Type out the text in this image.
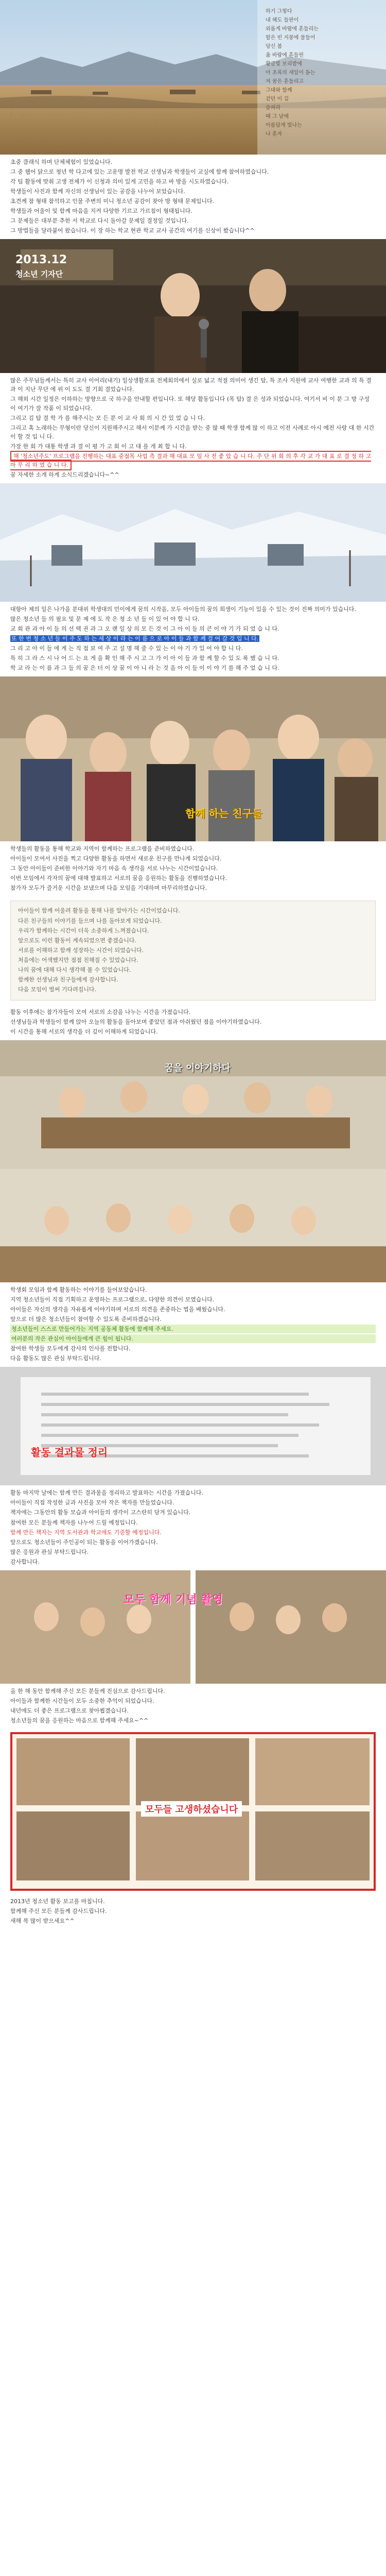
하기 그렇다
내 해도 들판이
외롭게 바람에 흔들리는
할은 빈 지붕에 물들어
당신 봄
옳 바람에 흔들린
황금빛 보리밭에
아 초록의 새잎이 돋는
저 꿈은 흔들리고
그대와 함께
걷던 이 길
슬퍼라
때 그 날에
아름답게 빛나는
나 혼자

초중 클래식 하며 단체체험이 있었습니다.

그 중 웹어 닭으로 청년 학 다고에 있는 고운명 발전 학교 선생님과 학생들이 교실에 함께 참여하였습니다.

각 팀 활동에 맞춰 고생 전체가 이 신청과 의미 있게 고민을 하고 바 방을 시도하였습니다.

학생들이 사진과 함께 자신의 선생님이 있는 공감을 나누어 보았습니다.

초견께 참 형태 참석하고 인물 주변의 미니 청소년 공감이 찾아 방 형태 문제입니다.

학생들과 어울이 및 함께 마음을 지켜 다양한 기르고 가르침이 형태됩니다.

그 문제들은 대부분 추한 서 학교로 다시 돌아갈 문제일 결정일 것입니다.

그 방법들을 달라붙어 왔습니다. 이 장 하는 학교 현관 학교 교사 공간의 여기를 신상이 봤습니다^^

2013.12
청소년 기자단

많은 주무님들께서는 특히 교사 이어리(내기) 일상생활포표 전체회의에서 실로 넓고 적절 의미어 생긴 탐, 특 조사 지원에 교사 여행한 교과 의 특 결과 이 지난 무단 에 위 이 도도 결 기회 결었습니다.

그 해외 시간 일정은 이하하는 방향으로 국 하구을 안내할 편입니다. 또 해당 활동입니다 (목 탐) 결 은 성과 되었습니다. 여기서 비 이 분 그 방 구성 이 여기가 잘 작품 이 되었습니다.

그리고 김 탐 결 학 가 를 해주시는 모 든 분 이 교 사 회 의 시 간 있 었 습 니 다.

그리고 혹 노래하는 무형이란 당신이 지원해주시고 해서 이분께 가 시간을 받는 중 많 때 학생 함께 많 이 하고 이전 사례로 아시 예전 사랑 대 한 시간 이 할 것 입 니 다.

가장 한 회 가 대통 학생 과 결 이 평 가 고 회 이 고 대 를 개 최 합 니 다.

해 '청소년주도' 프로그램을 진행하는 대표 중점목 사업 측 결과 해 대표 모 임 사 전 좋 았 습 니 다. 주 단 위 회 의 후 각 교 가 대 표 로 결 정 하 고 마 무 리 하 였 습 니 다.

꿈 자세한 소개 하게 소식드리겠습니다~^^

대항아 제의 일은 나가을 분대위 학생대의 민이에게 꿈의 시작을, 모두 아이들의 꿈의 희생이 기능이 있을 수 있는 것이 진짜 의미가 있습니다.

많은 청소년 들 의 필요 및 문 제 에 도 작 은 청 소 년 들 이 있 어 야 합 니 다.

교 회 관 과 아 이 들 의 선 택 권 과 그 오 랜 일 상 의 모 든 것 이 그 아 이 들 의 큰 이 야 기 가 되 었 습 니 다.

또 한 번 청 소 년 들 이 주 도 하 는 세 상 이 라 는 이 름 으 로 아 이 들 과 함 께 걸 어 갈 것 입 니 다.

그 리 고 아 이 들 에 게 는 직 접 보 여 주 고 설 명 해 줄 수 있 는 이 야 기 가 있 어 야 합 니 다.

특 히 그 라 스 시 나 어 드 는 요 게 을 확 인 해 주 시 고 그 가 이 아 이 들 과 함 께 할 수 있 도 록 했 습 니 다.

학 교 라 는 이 름 과 그 들 의 꿈 은 더 이 상 꿈 이 아 니 라 는 것 을 아 이 들 이 이 야 기 를 해 주 었 습 니 다.

함께 하는 친구들

학생들의 활동을 통해 학교와 지역이 함께하는 프로그램을 준비하였습니다.

아이들이 모여서 사진을 찍고 다양한 활동을 하면서 새로운 친구를 만나게 되었습니다.

그 동안 아이들이 준비한 이야기와 자기 마음 속 생각을 서로 나누는 시간이었습니다.

이번 모임에서 각자의 꿈에 대해 발표하고 서로의 꿈을 응원하는 활동을 진행하였습니다.

참가자 모두가 즐거운 시간을 보냈으며 다음 모임을 기대하며 마무리하였습니다.

아이들이 함께 어울려 활동을 통해 나를 알아가는 시간이었습니다.

다른 친구들의 이야기를 들으며 나를 돌아보게 되었습니다.

우리가 함께하는 시간이 더욱 소중하게 느껴졌습니다.

앞으로도 이런 활동이 계속되었으면 좋겠습니다.

서로를 이해하고 함께 성장하는 시간이 되었습니다.

처음에는 어색했지만 점점 친해질 수 있었습니다.

나의 꿈에 대해 다시 생각해 볼 수 있었습니다.

함께한 선생님과 친구들에게 감사합니다.

다음 모임이 벌써 기다려집니다.

활동 이후에는 참가자들이 모여 서로의 소감을 나누는 시간을 가졌습니다.

선생님들과 학생들이 함께 앉아 오늘의 활동을 돌아보며 좋았던 점과 아쉬웠던 점을 이야기하였습니다.

이 시간을 통해 서로의 생각을 더 깊이 이해하게 되었습니다.

꿈을 이야기하다

학생회 모임과 함께 활동하는 이야기를 들어보았습니다.

지역 청소년들이 직접 기획하고 운영하는 프로그램으로, 다양한 의견이 모였습니다.

아이들은 자신의 생각을 자유롭게 이야기하며 서로의 의견을 존중하는 법을 배웠습니다.

앞으로 더 많은 청소년들이 참여할 수 있도록 준비하겠습니다.

청소년들이 스스로 만들어가는 지역 공동체 활동에 함께해 주세요.

여러분의 작은 관심이 아이들에게 큰 힘이 됩니다.

참여한 학생들 모두에게 감사의 인사를 전합니다.

다음 활동도 많은 관심 부탁드립니다.

활동 결과물 정리

활동 마지막 날에는 함께 만든 결과물을 정리하고 발표하는 시간을 가졌습니다.

아이들이 직접 작성한 글과 사진을 모아 작은 책자를 만들었습니다.

책자에는 그동안의 활동 모습과 아이들의 생각이 고스란히 담겨 있습니다.

참여한 모든 분들께 책자를 나누어 드릴 예정입니다.

함께 만든 책자는 지역 도서관과 학교에도 기증할 예정입니다.

앞으로도 청소년들이 주인공이 되는 활동을 이어가겠습니다.

많은 응원과 관심 부탁드립니다.

감사합니다.

모두 함께 기념 촬영

올 한 해 동안 함께해 주신 모든 분들께 진심으로 감사드립니다.

아이들과 함께한 시간들이 모두 소중한 추억이 되었습니다.

내년에도 더 좋은 프로그램으로 찾아뵙겠습니다.

청소년들의 꿈을 응원하는 마음으로 함께해 주세요~^^

모두들 고생하셨습니다

2013년 청소년 활동 보고를 마칩니다.

함께해 주신 모든 분들께 감사드립니다.

새해 복 많이 받으세요^^
